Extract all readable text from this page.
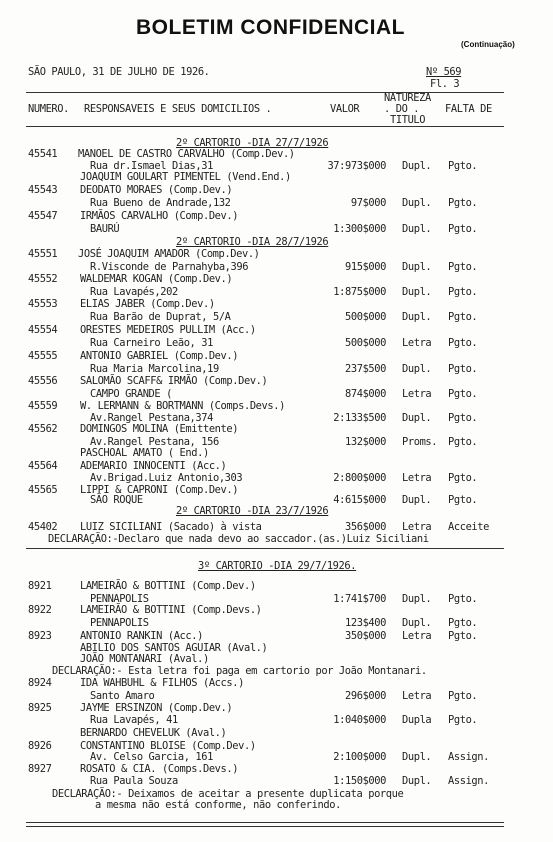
BOLETIM CONFIDENCIAL
(Continuação)
SÃO PAULO, 31 DE JULHO DE 1926.	Nº 569
Fl. 3
NUMERO. RESPONSAVEIS E SEUS DOMICILIOS .	VALOR
NATUREZA
. DO .
TITULO
FALTA DE
2º CARTORIO -DIA 27/7/1926
2º CARTORIO -DIA 28/7/1926
2º CARTORIO -DIA 23/7/1926
3º CARTORIO -DIA 29/7/1926.
45541 MANOEL DE CASTRO CARVALHO (Comp.Dev.)
Rua dr.Ismael Dias,31	37:973$000 Dupl. Pgto.
JOAQUIM GOULART PIMENTEL (Vend.End.)
45543 DEODATO MORAES (Comp.Dev.)
Rua Bueno de Andrade,132	97$000 Dupl. Pgto.
45547 IRMÃOS CARVALHO (Comp.Dev.)
BAURÚ	1:300$000 Dupl. Pgto.
45551 JOSÉ JOAQUIM AMADOR (Comp.Dev.)
R.Visconde de Parnahyba,396	915$000 Dupl. Pgto.
45552 WALDEMAR KOGAN (Comp.Dev.)
Rua Lavapés,202	1:875$000 Dupl. Pgto.
45553 ELIAS JABER (Comp.Dev.)
Rua Barão de Duprat, 5/A	500$000 Dupl. Pgto.
45554 ORESTES MEDEIROS PULLIM (Acc.)
Rua Carneiro Leão, 31	500$000 Letra Pgto.
45555 ANTONIO GABRIEL (Comp.Dev.)
Rua Maria Marcolina,19	237$500 Dupl. Pgto.
45556 SALOMÃO SCAFF& IRMÃO (Comp.Dev.)
CAMPO GRANDE (	874$000 Letra Pgto.
45559 W. LERMANN & BORTMANN (Comps.Devs.)
Av.Rangel Pestana,374	2:133$500 Dupl. Pgto.
45562 DOMINGOS MOLINA (Emittente)
Av.Rangel Pestana, 156	132$000 Proms. Pgto.
PASCHOAL AMATO ( End.)
45564 ADEMARIO INNOCENTI (Acc.)
Av.Brigad.Luiz Antonio,303	2:800$000 Letra Pgto.
45565 LIPPI & CAPRONI (Comp.Dev.)
SÃO ROQUE	4:615$000 Dupl. Pgto.
45402 LUIZ SICILIANI (Sacado) à vista	356$000 Letra Acceite
DECLARAÇÃO:-Declaro que nada devo ao saccador.(as.)Luiz Siciliani
8921	LAMEIRÃO & BOTTINI (Comp.Dev.)
PENNAPOLIS	1:741$700 Dupl. Pgto.
8922	LAMEIRÃO & BOTTINI (Comp.Devs.)
PENNAPOLIS	123$400 Dupl. Pgto.
8923	ANTONIO RANKIN (Acc.)	350$000 Letra Pgto.
ABILIO DOS SANTOS AGUIAR (Aval.)
JOÃO MONTANARI (Aval.)
DECLARAÇÃO:- Esta letra foi paga em cartorio por João Montanari.
8924	IDA WAHBUHL & FILHOS (Accs.)
Santo Amaro	296$000 Letra Pgto.
8925	JAYME ERSINZON (Comp.Dev.)
Rua Lavapés, 41	1:040$000 Dupla Pgto.
BERNARDO CHEVELUK (Aval.)
8926	CONSTANTINO BLOISE (Comp.Dev.)
Av. Celso Garcia, 161	2:100$000 Dupl. Assign.
8927	ROSATO & CIA. (Comps.Devs.)
Rua Paula Souza	1:150$000 Dupl. Assign.
DECLARAÇÃO:- Deixamos de aceitar a presente duplicata porque
a mesma não está conforme, não conferindo.
